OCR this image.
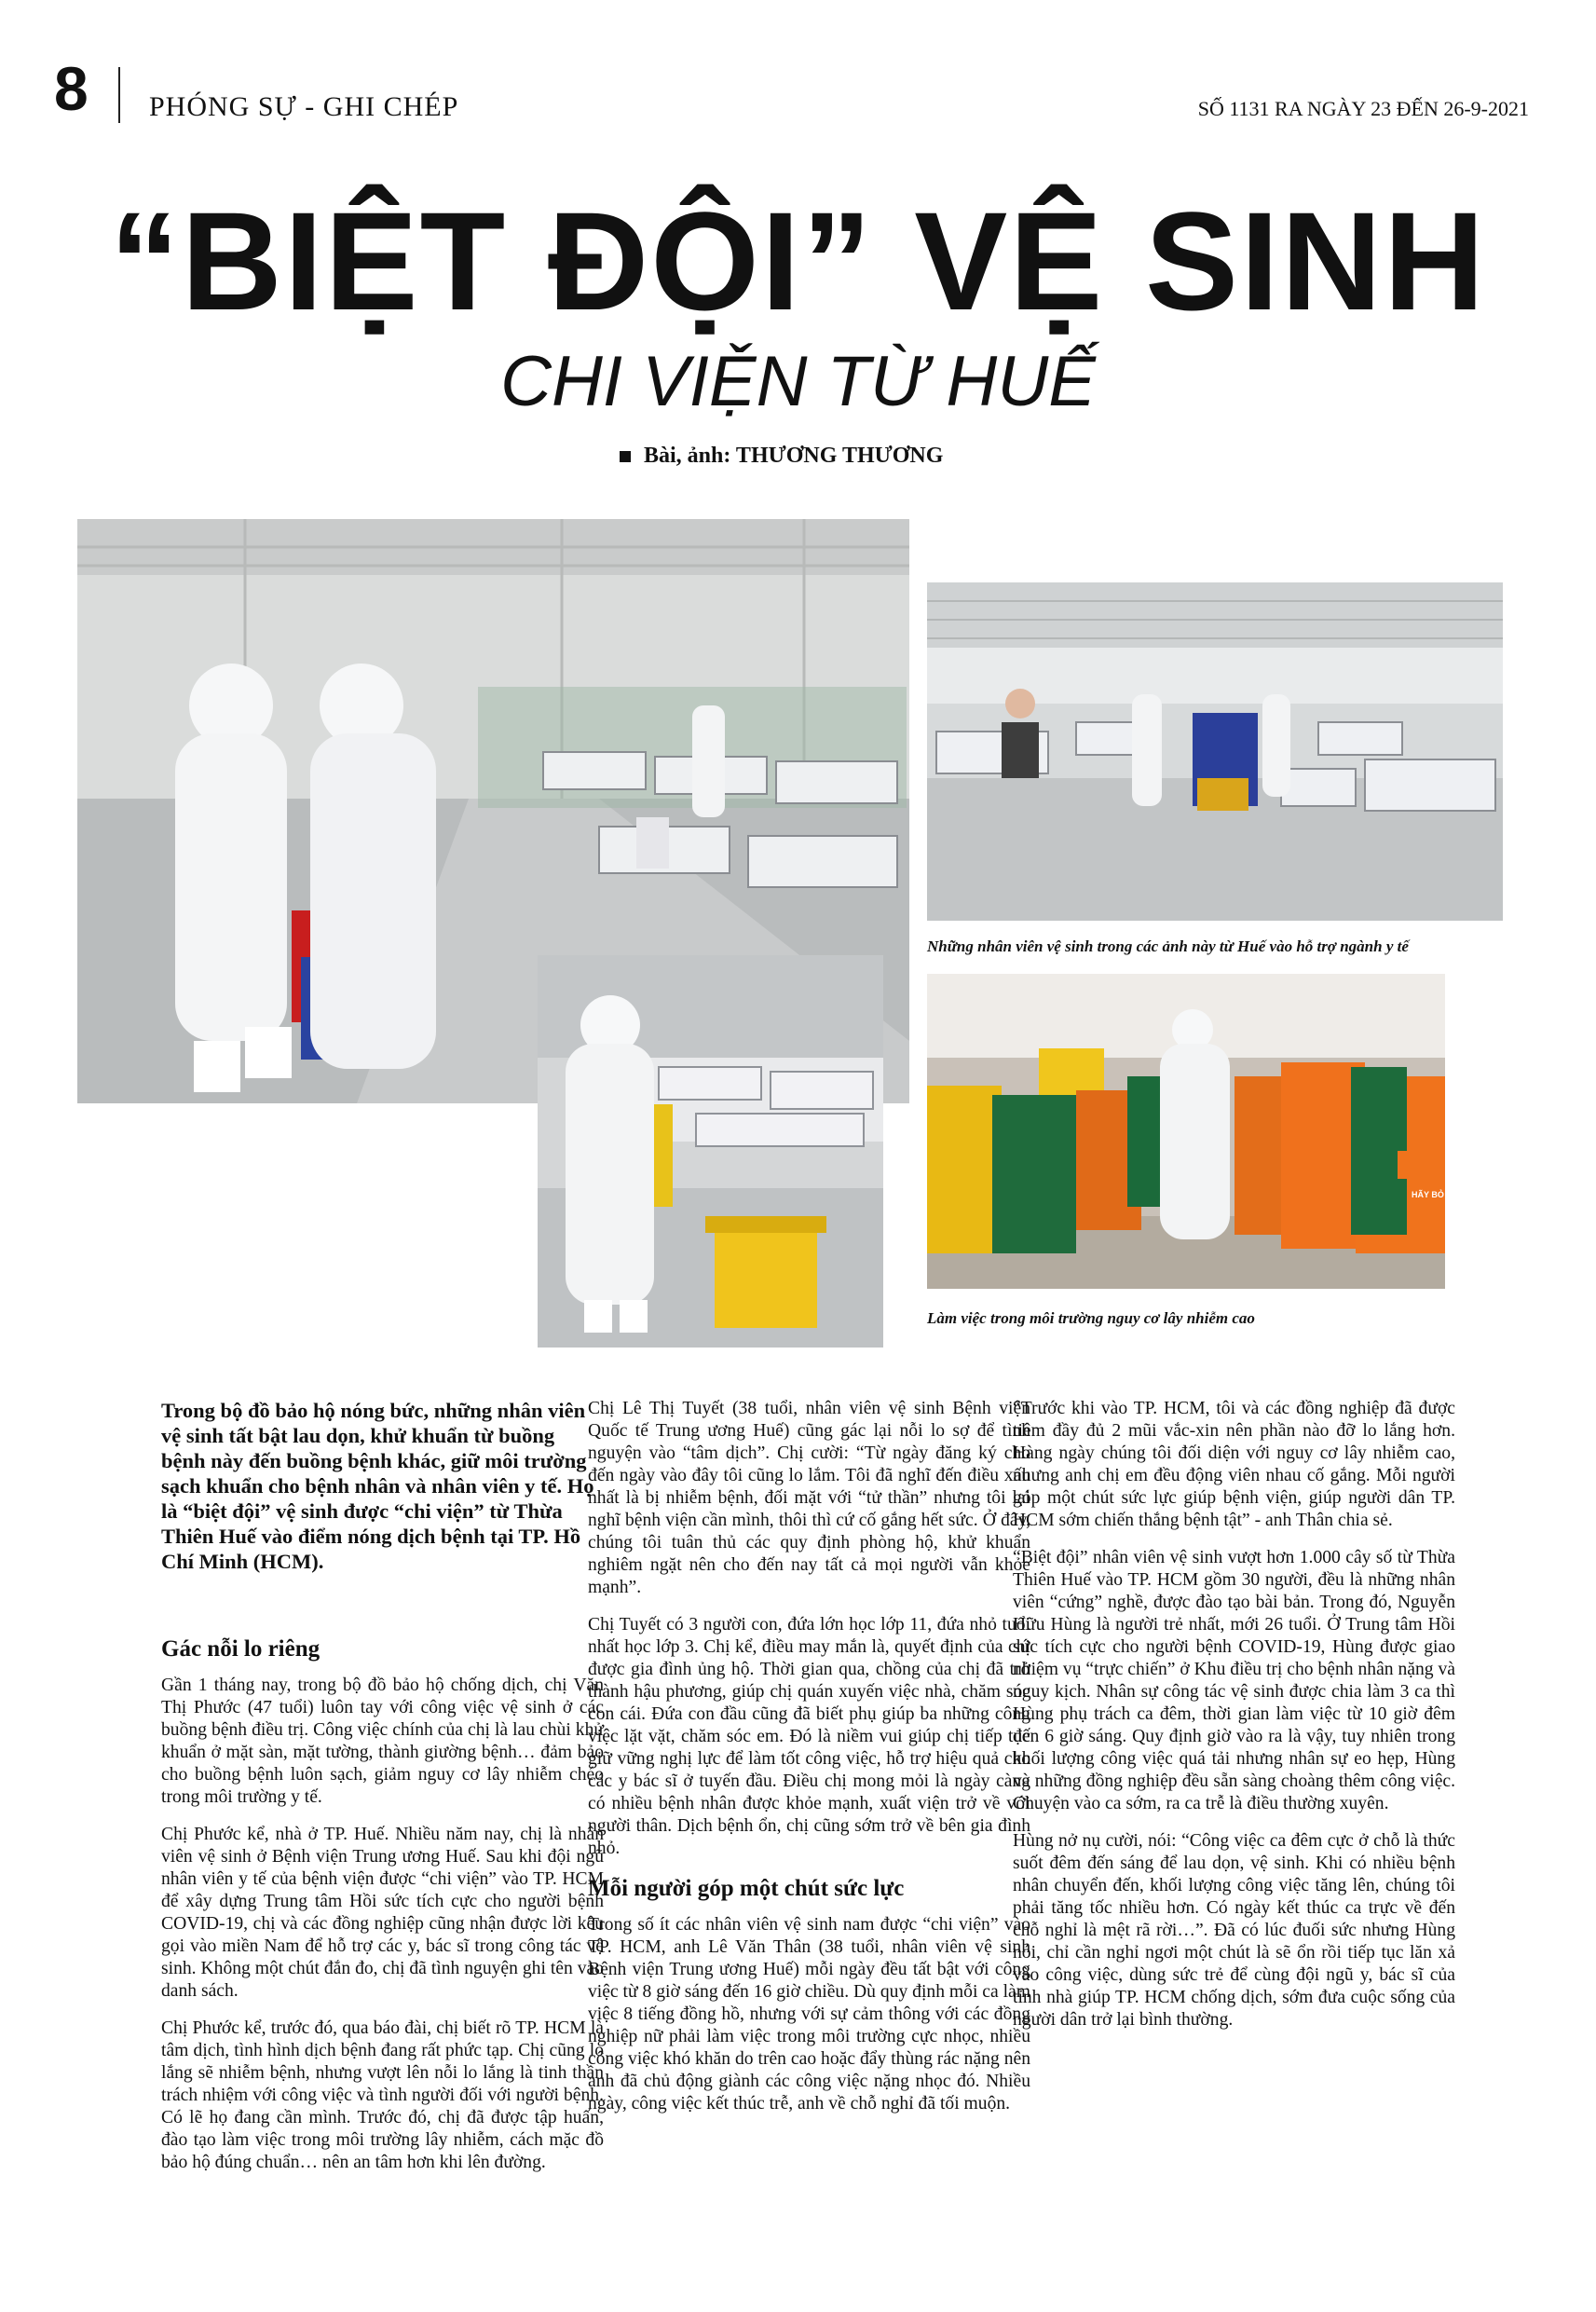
8 PHÓNG SỰ - GHI CHÉP	SỐ 1131 RA NGÀY 23 ĐẾN 26-9-2021
“BIỆT ĐỘI” VỆ SINH
CHI VIỆN TỪ HUẾ
Bài, ảnh: THƯƠNG THƯƠNG
Những nhân viên vệ sinh trong các ảnh này từ Huế vào hỗ trợ ngành y tế
HÃY BỎ RÁC VÀO THÙNG
Làm việc trong môi trường nguy cơ lây nhiễm cao

Trong bộ đồ bảo hộ nóng bức, những nhân viên vệ sinh tất bật lau dọn, khử khuẩn từ buồng bệnh này đến buồng bệnh khác, giữ môi trường sạch khuẩn cho bệnh nhân và nhân viên y tế. Họ là “biệt đội” vệ sinh được “chi viện” từ Thừa Thiên Huế vào điểm nóng dịch bệnh tại TP. Hồ Chí Minh (HCM).

Gác nỗi lo riêng

Gần 1 tháng nay, trong bộ đồ bảo hộ chống dịch, chị Văn Thị Phước (47 tuổi) luôn tay với công việc vệ sinh ở các buồng bệnh điều trị. Công việc chính của chị là lau chùi khử khuẩn ở mặt sàn, mặt tường, thành giường bệnh… đảm bảo cho buồng bệnh luôn sạch, giảm nguy cơ lây nhiễm chéo trong môi trường y tế.

Chị Phước kể, nhà ở TP. Huế. Nhiều năm nay, chị là nhân viên vệ sinh ở Bệnh viện Trung ương Huế. Sau khi đội ngũ nhân viên y tế của bệnh viện được “chi viện” vào TP. HCM để xây dựng Trung tâm Hồi sức tích cực cho người bệnh COVID-19, chị và các đồng nghiệp cũng nhận được lời kêu gọi vào miền Nam để hỗ trợ các y, bác sĩ trong công tác vệ sinh. Không một chút đắn đo, chị đã tình nguyện ghi tên vào danh sách.

Chị Phước kể, trước đó, qua báo đài, chị biết rõ TP. HCM là tâm dịch, tình hình dịch bệnh đang rất phức tạp. Chị cũng lo lắng sẽ nhiễm bệnh, nhưng vượt lên nỗi lo lắng là tinh thần trách nhiệm với công việc và tình người đối với người bệnh. Có lẽ họ đang cần mình. Trước đó, chị đã được tập huấn, đào tạo làm việc trong môi trường lây nhiễm, cách mặc đồ bảo hộ đúng chuẩn… nên an tâm hơn khi lên đường.

Chị Lê Thị Tuyết (38 tuổi, nhân viên vệ sinh Bệnh viện Quốc tế Trung ương Huế) cũng gác lại nỗi lo sợ để tình nguyện vào “tâm dịch”. Chị cười: “Từ ngày đăng ký cho đến ngày vào đây tôi cũng lo lắm. Tôi đã nghĩ đến điều xấu nhất là bị nhiễm bệnh, đối mặt với “tử thần” nhưng tôi lại nghĩ bệnh viện cần mình, thôi thì cứ cố gắng hết sức. Ở đây, chúng tôi tuân thủ các quy định phòng hộ, khử khuẩn nghiêm ngặt nên cho đến nay tất cả mọi người vẫn khỏe mạnh”.

Chị Tuyết có 3 người con, đứa lớn học lớp 11, đứa nhỏ tuổi nhất học lớp 3. Chị kể, điều may mắn là, quyết định của chị được gia đình ủng hộ. Thời gian qua, chồng của chị đã trở thành hậu phương, giúp chị quán xuyến việc nhà, chăm sóc con cái. Đứa con đầu cũng đã biết phụ giúp ba những công việc lặt vặt, chăm sóc em. Đó là niềm vui giúp chị tiếp tục giữ vững nghị lực để làm tốt công việc, hỗ trợ hiệu quả cho các y bác sĩ ở tuyến đầu. Điều chị mong mỏi là ngày càng có nhiều bệnh nhân được khỏe mạnh, xuất viện trở về với người thân. Dịch bệnh ổn, chị cũng sớm trở về bên gia đình nhỏ.

Mỗi người góp một chút sức lực

Trong số ít các nhân viên vệ sinh nam được “chi viện” vào TP. HCM, anh Lê Văn Thân (38 tuổi, nhân viên vệ sinh Bệnh viện Trung ương Huế) mỗi ngày đều tất bật với công việc từ 8 giờ sáng đến 16 giờ chiều. Dù quy định mỗi ca làm việc 8 tiếng đồng hồ, nhưng với sự cảm thông với các đồng nghiệp nữ phải làm việc trong môi trường cực nhọc, nhiều công việc khó khăn do trên cao hoặc đẩy thùng rác nặng nên anh đã chủ động giành các công việc nặng nhọc đó. Nhiều ngày, công việc kết thúc trễ, anh về chỗ nghỉ đã tối muộn.

“Trước khi vào TP. HCM, tôi và các đồng nghiệp đã được tiêm đầy đủ 2 mũi vắc-xin nên phần nào đỡ lo lắng hơn. Hàng ngày chúng tôi đối diện với nguy cơ lây nhiễm cao, nhưng anh chị em đều động viên nhau cố gắng. Mỗi người góp một chút sức lực giúp bệnh viện, giúp người dân TP. HCM sớm chiến thắng bệnh tật” - anh Thân chia sẻ.

“Biệt đội” nhân viên vệ sinh vượt hơn 1.000 cây số từ Thừa Thiên Huế vào TP. HCM gồm 30 người, đều là những nhân viên “cứng” nghề, được đào tạo bài bản. Trong đó, Nguyễn Hữu Hùng là người trẻ nhất, mới 26 tuổi. Ở Trung tâm Hồi sức tích cực cho người bệnh COVID-19, Hùng được giao nhiệm vụ “trực chiến” ở Khu điều trị cho bệnh nhân nặng và nguy kịch. Nhân sự công tác vệ sinh được chia làm 3 ca thì Hùng phụ trách ca đêm, thời gian làm việc từ 10 giờ đêm đến 6 giờ sáng. Quy định giờ vào ra là vậy, tuy nhiên trong khối lượng công việc quá tải nhưng nhân sự eo hẹp, Hùng và những đồng nghiệp đều sẵn sàng choàng thêm công việc. Chuyện vào ca sớm, ra ca trễ là điều thường xuyên.

Hùng nở nụ cười, nói: “Công việc ca đêm cực ở chỗ là thức suốt đêm đến sáng để lau dọn, vệ sinh. Khi có nhiều bệnh nhân chuyển đến, khối lượng công việc tăng lên, chúng tôi phải tăng tốc nhiều hơn. Có ngày kết thúc ca trực về đến chỗ nghỉ là mệt rã rời…”. Đã có lúc đuối sức nhưng Hùng nói, chỉ cần nghỉ ngơi một chút là sẽ ổn rồi tiếp tục lăn xả vào công việc, dùng sức trẻ để cùng đội ngũ y, bác sĩ của tỉnh nhà giúp TP. HCM chống dịch, sớm đưa cuộc sống của người dân trở lại bình thường.
